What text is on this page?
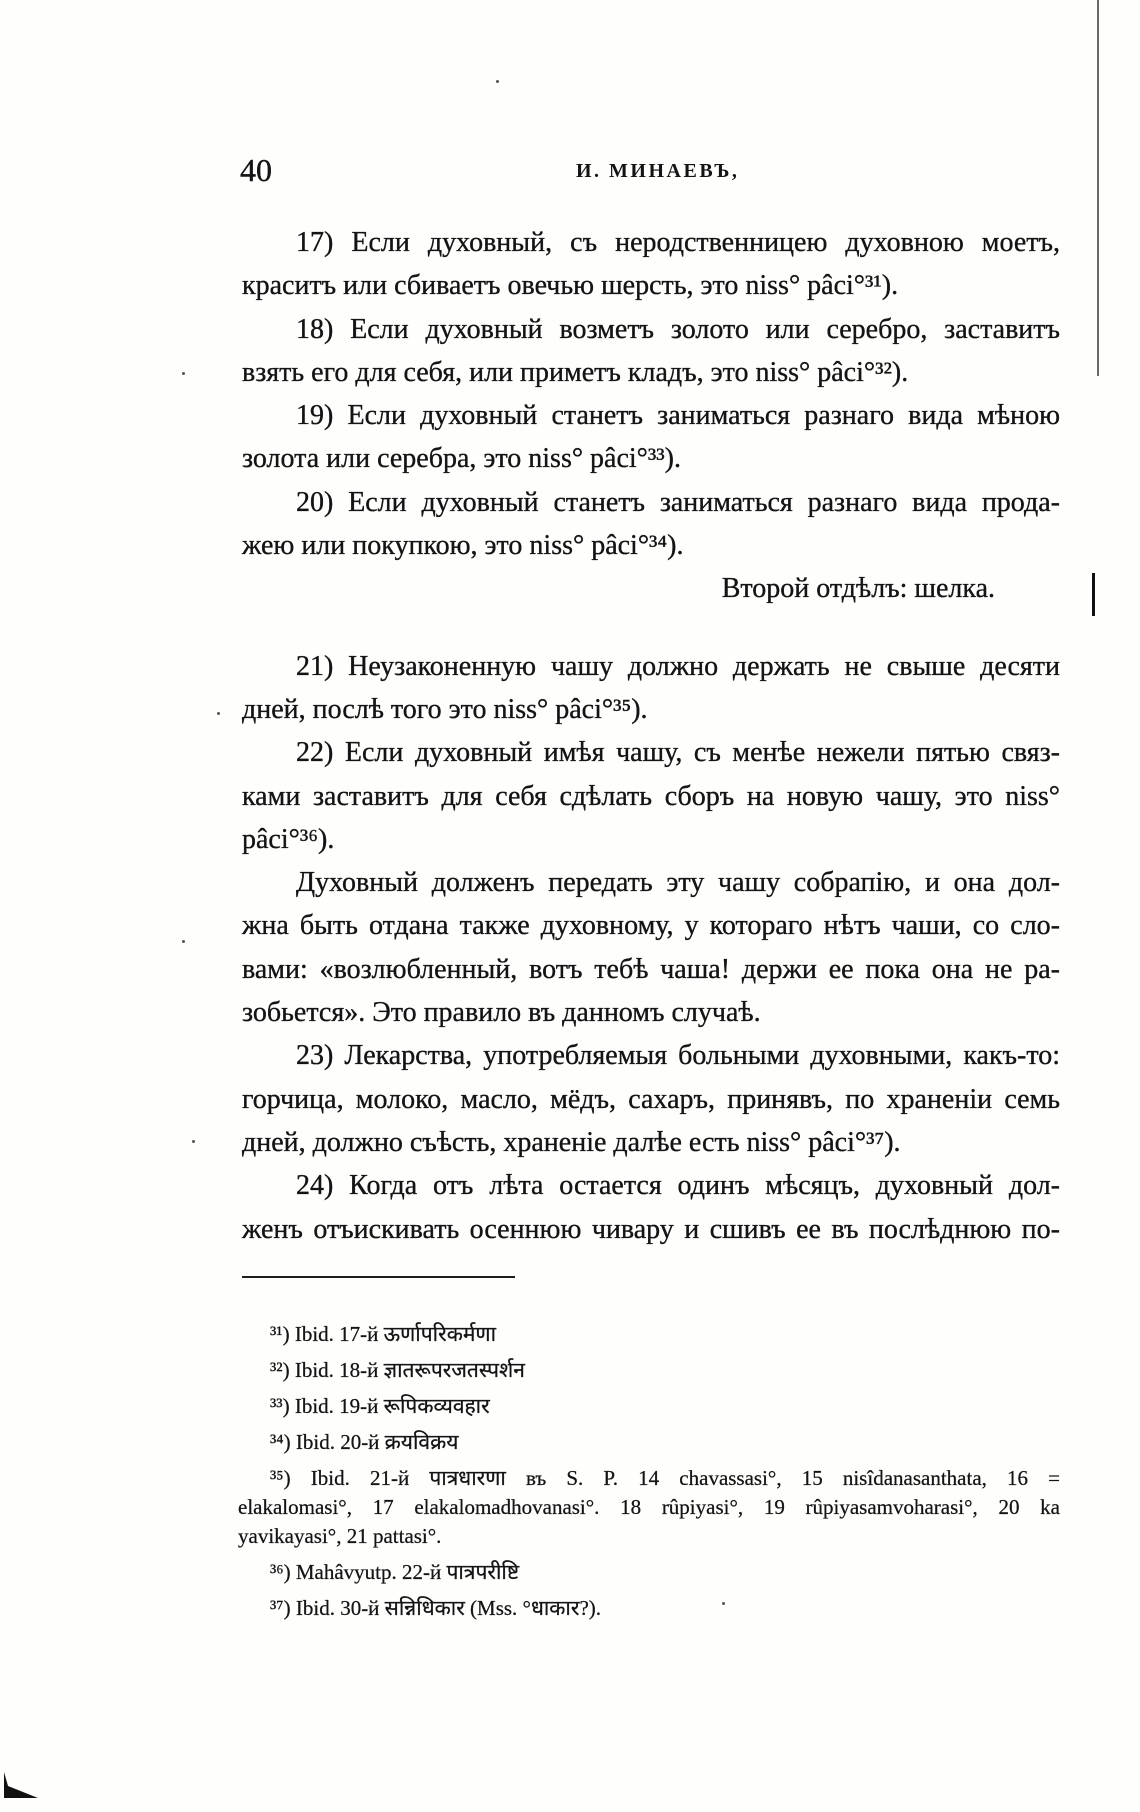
40	И. МИНАЕВЪ,
17) Если духовный, съ неродственницею духовною моетъ,
краситъ или сбиваетъ овечью шерсть, это niss° pâci°³¹).
18) Если духовный возметъ золото или серебро, заставитъ
взять его для себя, или приметъ кладъ, это niss° pâci°³²).
19) Если духовный станетъ заниматься разнаго вида мѣною
золота или серебра, это niss° pâci°³³).
20) Если духовный станетъ заниматься разнаго вида прода-
жею или покупкою, это niss° pâci°³⁴).
Второй отдѣлъ: шелка.
21) Неузаконенную чашу должно держать не свыше десяти
дней, послѣ того это niss° pâci°³⁵).
22) Если духовный имѣя чашу, съ менѣе нежели пятью связ-
ками заставитъ для себя сдѣлать сборъ на новую чашу, это niss°
pâci°³⁶).
Духовный долженъ передать эту чашу собрапію, и она дол-
жна быть отдана также духовному, у котораго нѣтъ чаши, со сло-
вами: «возлюбленный, вотъ тебѣ чаша! держи ее пока она не ра-
зобьется». Это правило въ данномъ случаѣ.
23) Лекарства, употребляемыя больными духовными, какъ-то:
горчица, молоко, масло, мёдъ, сахаръ, принявъ, по храненіи семь
дней, должно съѣсть, храненіе далѣе есть niss° pâci°³⁷).
24) Когда отъ лѣта остается одинъ мѣсяцъ, духовный дол-
женъ отъискивать осеннюю чивару и сшивъ ее въ послѣднюю по-
³¹) Ibid. 17-й ऊर्णापरिकर्मणा
³²) Ibid. 18-й ज्ञातरूपरजतस्पर्शन
³³) Ibid. 19-й रूपिकव्यवहार
³⁴) Ibid. 20-й क्रयविक्रय
³⁵) Ibid. 21-й पात्रधारणा въ S. P. 14 chavassasi°, 15 nisîdanasanthata, 16 =
elakalomasi°, 17 elakalomadhovanasi°. 18 rûpiyasi°, 19 rûpiyasamvoharasi°, 20 ka
yavikayasi°, 21 pattasi°.
³⁶) Mahâvyutp. 22-й पात्रपरीष्टि
³⁷) Ibid. 30-й सन्निधिकार (Mss. °धाकार?).
